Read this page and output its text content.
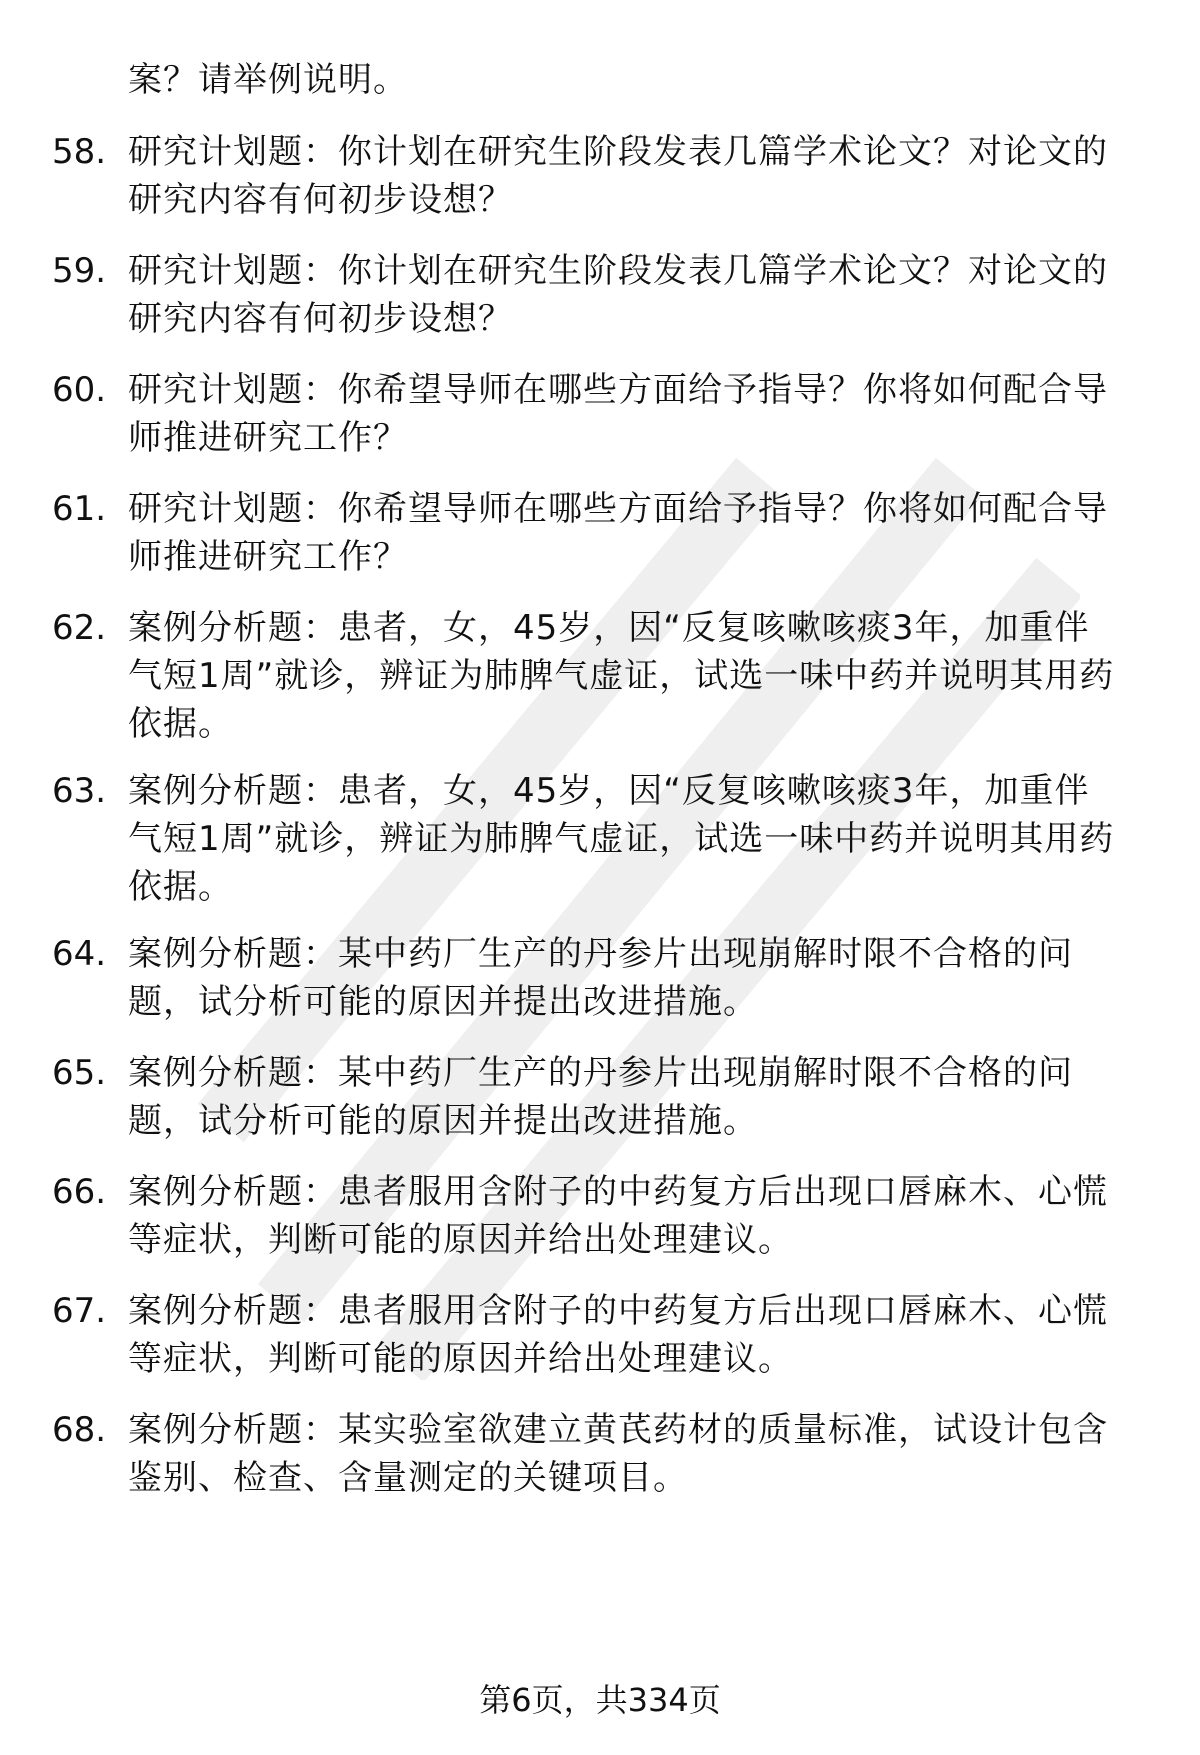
案？请举例说明。
58. 研究计划题：你计划在研究生阶段发表几篇学术论文？对论文的
研究内容有何初步设想？
59. 研究计划题：你计划在研究生阶段发表几篇学术论文？对论文的
研究内容有何初步设想？
60. 研究计划题：你希望导师在哪些方面给予指导？你将如何配合导
师推进研究工作？
61. 研究计划题：你希望导师在哪些方面给予指导？你将如何配合导
师推进研究工作？
62. 案例分析题：患者，女，45岁，因“反复咳嗽咳痰3年，加重伴
气短1周”就诊，辨证为肺脾气虚证，试选一味中药并说明其用药
依据。
63. 案例分析题：患者，女，45岁，因“反复咳嗽咳痰3年，加重伴
气短1周”就诊，辨证为肺脾气虚证，试选一味中药并说明其用药
依据。
64. 案例分析题：某中药厂生产的丹参片出现崩解时限不合格的问
题，试分析可能的原因并提出改进措施。
65. 案例分析题：某中药厂生产的丹参片出现崩解时限不合格的问
题，试分析可能的原因并提出改进措施。
66. 案例分析题：患者服用含附子的中药复方后出现口唇麻木、心慌
等症状，判断可能的原因并给出处理建议。
67. 案例分析题：患者服用含附子的中药复方后出现口唇麻木、心慌
等症状，判断可能的原因并给出处理建议。
68. 案例分析题：某实验室欲建立黄芪药材的质量标准，试设计包含
鉴别、检查、含量测定的关键项目。
第6页，共334页
